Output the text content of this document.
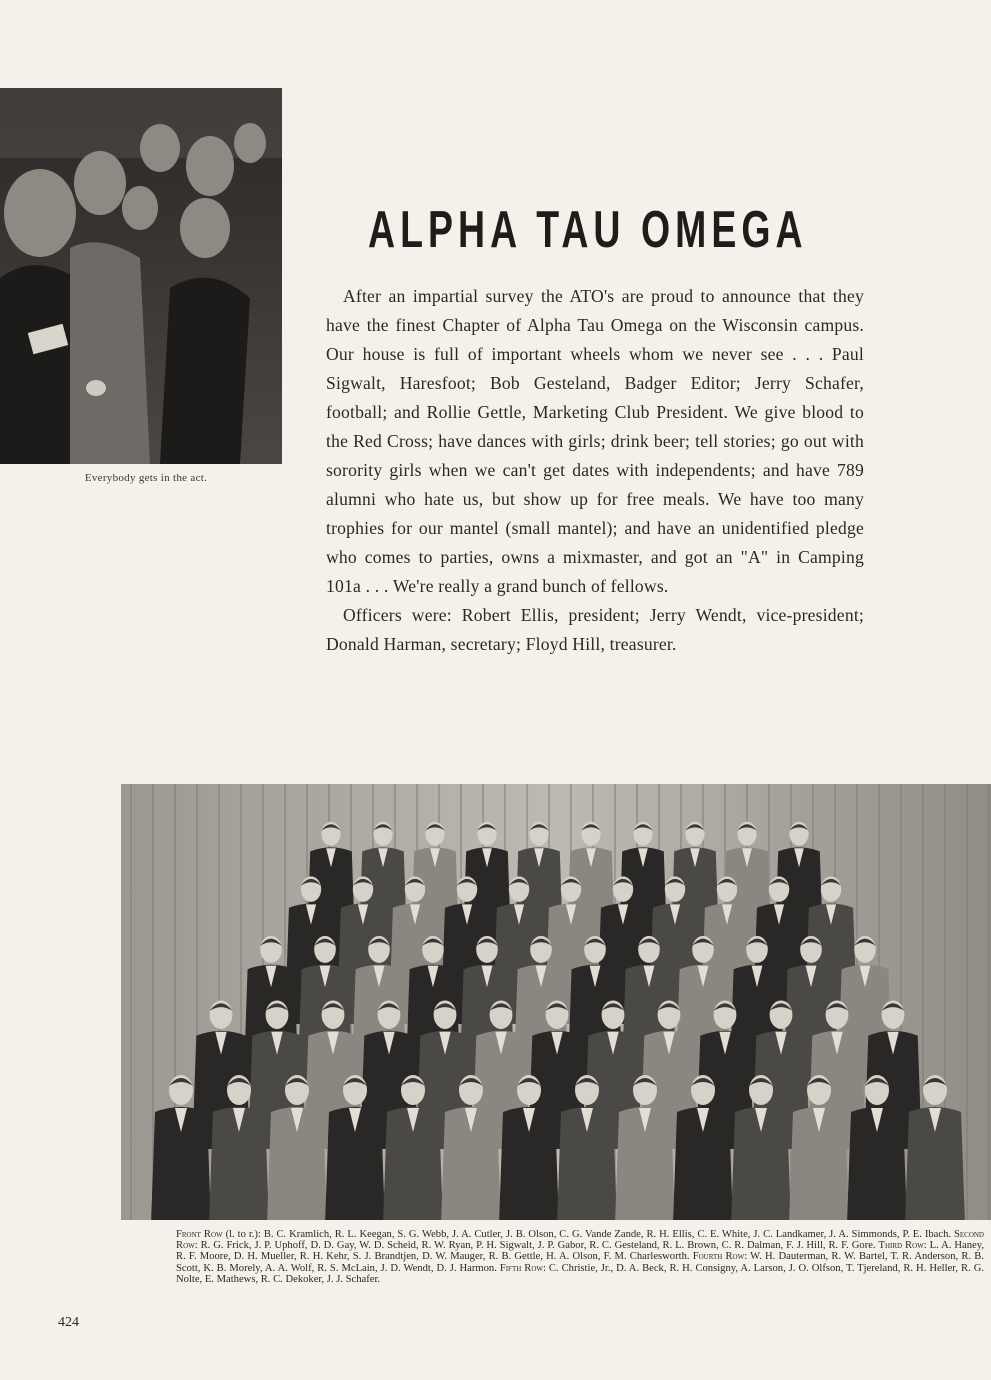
Everybody gets in the act.
ALPHA TAU OMEGA

After an impartial survey the ATO's are proud to announce that they have the finest Chapter of Alpha Tau Omega on the Wisconsin campus. Our house is full of important wheels whom we never see . . . Paul Sigwalt, Haresfoot; Bob Gesteland, Badger Editor; Jerry Schafer, football; and Rollie Gettle, Marketing Club President. We give blood to the Red Cross; have dances with girls; drink beer; tell stories; go out with sorority girls when we can't get dates with independents; and have 789 alumni who hate us, but show up for free meals. We have too many trophies for our mantel (small mantel); and have an unidentified pledge who comes to parties, owns a mixmaster, and got an "A" in Camping 101a . . . We're really a grand bunch of fellows.

Officers were: Robert Ellis, president; Jerry Wendt, vice-president; Donald Harman, secretary; Floyd Hill, treasurer.

Front Row (l. to r.): B. C. Kramlich, R. L. Keegan, S. G. Webb, J. A. Cutler, J. B. Olson, C. G. Vande Zande, R. H. Ellis, C. E. White, J. C. Landkamer, J. A. Simmonds, P. E. Ibach. Second Row: R. G. Frick, J. P. Uphoff, D. D. Gay, W. D. Scheid, R. W. Ryan, P. H. Sigwalt, J. P. Gabor, R. C. Gesteland, R. L. Brown, C. R. Dalman, F. J. Hill, R. F. Gore. Third Row: L. A. Haney, R. F. Moore, D. H. Mueller, R. H. Kehr, S. J. Brandtjen, D. W. Mauger, R. B. Gettle, H. A. Olson, F. M. Charlesworth. Fourth Row: W. H. Dauterman, R. W. Bartel, T. R. Anderson, R. B. Scott, K. B. Morely, A. A. Wolf, R. S. McLain, J. D. Wendt, D. J. Harmon. Fifth Row: C. Christie, Jr., D. A. Beck, R. H. Consigny, A. Larson, J. O. Olfson, T. Tjereland, R. H. Heller, R. G. Nolte, E. Mathews, R. C. Dekoker, J. J. Schafer.
424
